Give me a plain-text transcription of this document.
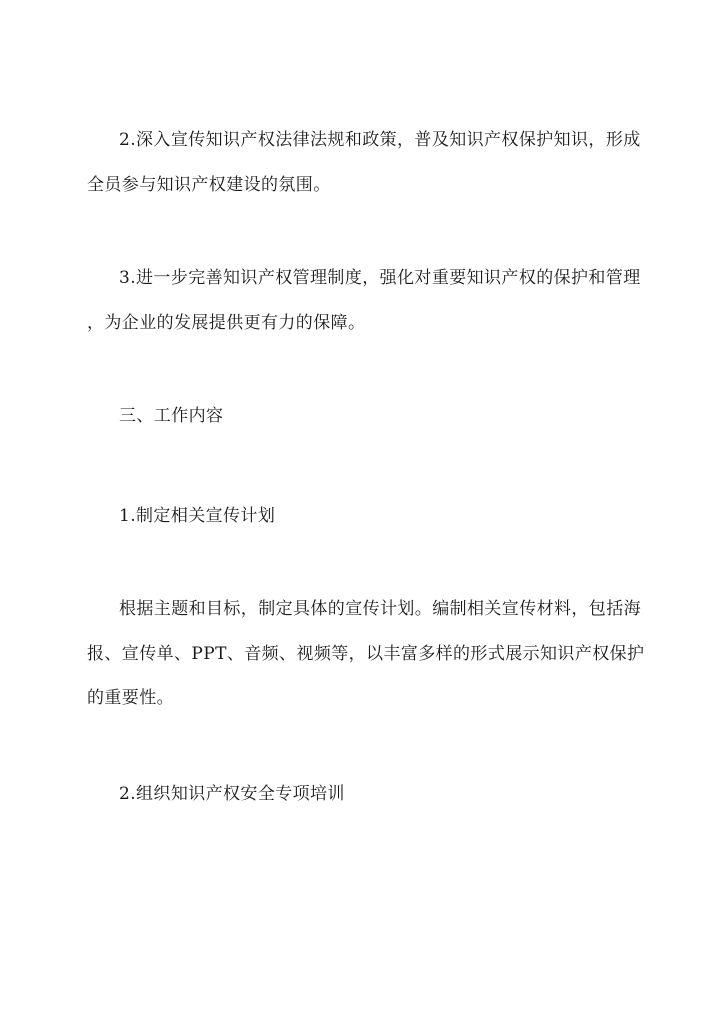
2.深入宣传知识产权法律法规和政策，普及知识产权保护知识，形成
全员参与知识产权建设的氛围。
3.进一步完善知识产权管理制度，强化对重要知识产权的保护和管理
，为企业的发展提供更有力的保障。
三、工作内容
1.制定相关宣传计划
根据主题和目标，制定具体的宣传计划。编制相关宣传材料，包括海
报、宣传单、PPT、音频、视频等，以丰富多样的形式展示知识产权保护
的重要性。
2.组织知识产权安全专项培训
